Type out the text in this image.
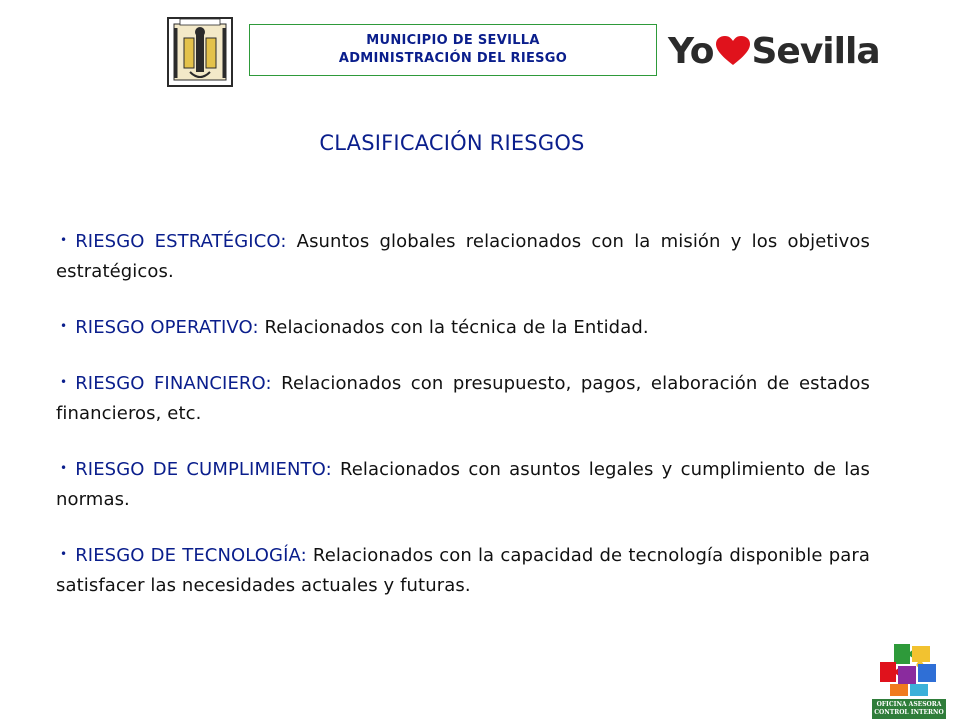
MUNICIPIO DE SEVILLA
ADMINISTRACIÓN DEL RIESGO	Yo Sevilla
CLASIFICACIÓN RIESGOS
• RIESGO ESTRATÉGICO: Asuntos globales relacionados con la misión y los objetivos estratégicos.
• RIESGO OPERATIVO: Relacionados con la técnica de la Entidad.
• RIESGO FINANCIERO: Relacionados con presupuesto, pagos, elaboración de estados financieros, etc.
• RIESGO DE CUMPLIMIENTO: Relacionados con asuntos legales y cumplimiento de las normas.
• RIESGO DE TECNOLOGÍA: Relacionados con la capacidad de tecnología disponible para satisfacer las necesidades actuales y futuras.
OFICINA ASESORA
CONTROL INTERNO
